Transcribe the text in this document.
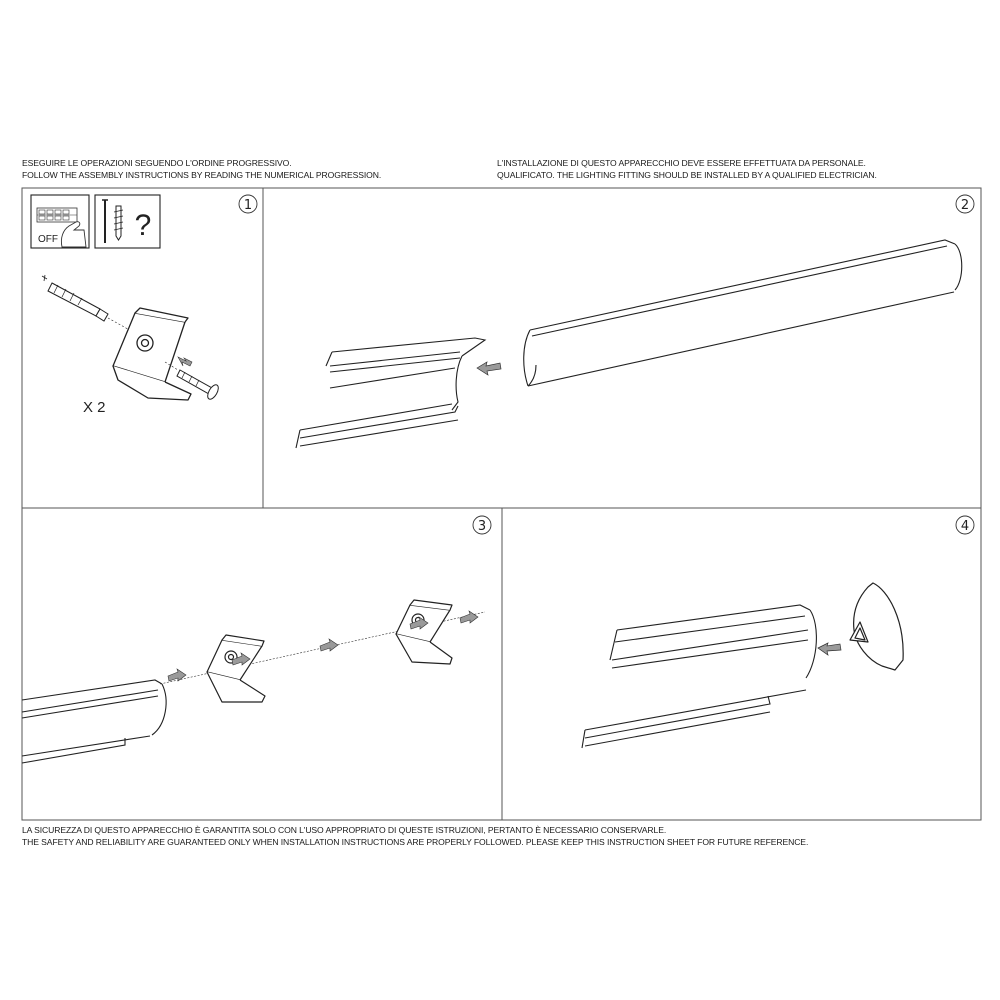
ESEGUIRE LE OPERAZIONI SEGUENDO L'ORDINE PROGRESSIVO.
FOLLOW THE ASSEMBLY INSTRUCTIONS BY READING THE NUMERICAL PROGRESSION.
L'INSTALLAZIONE DI QUESTO APPARECCHIO DEVE ESSERE EFFETTUATA DA PERSONALE.
QUALIFICATO. THE LIGHTING FITTING SHOULD BE INSTALLED BY A QUALIFIED ELECTRICIAN.
1
OFF	?
X 2
2
3	4
LA SICUREZZA DI QUESTO APPARECCHIO È GARANTITA SOLO CON L'USO APPROPRIATO DI QUESTE ISTRUZIONI, PERTANTO È NECESSARIO CONSERVARLE.
THE SAFETY AND RELIABILITY ARE GUARANTEED ONLY WHEN INSTALLATION INSTRUCTIONS ARE PROPERLY FOLLOWED. PLEASE KEEP THIS INSTRUCTION SHEET FOR FUTURE REFERENCE.
